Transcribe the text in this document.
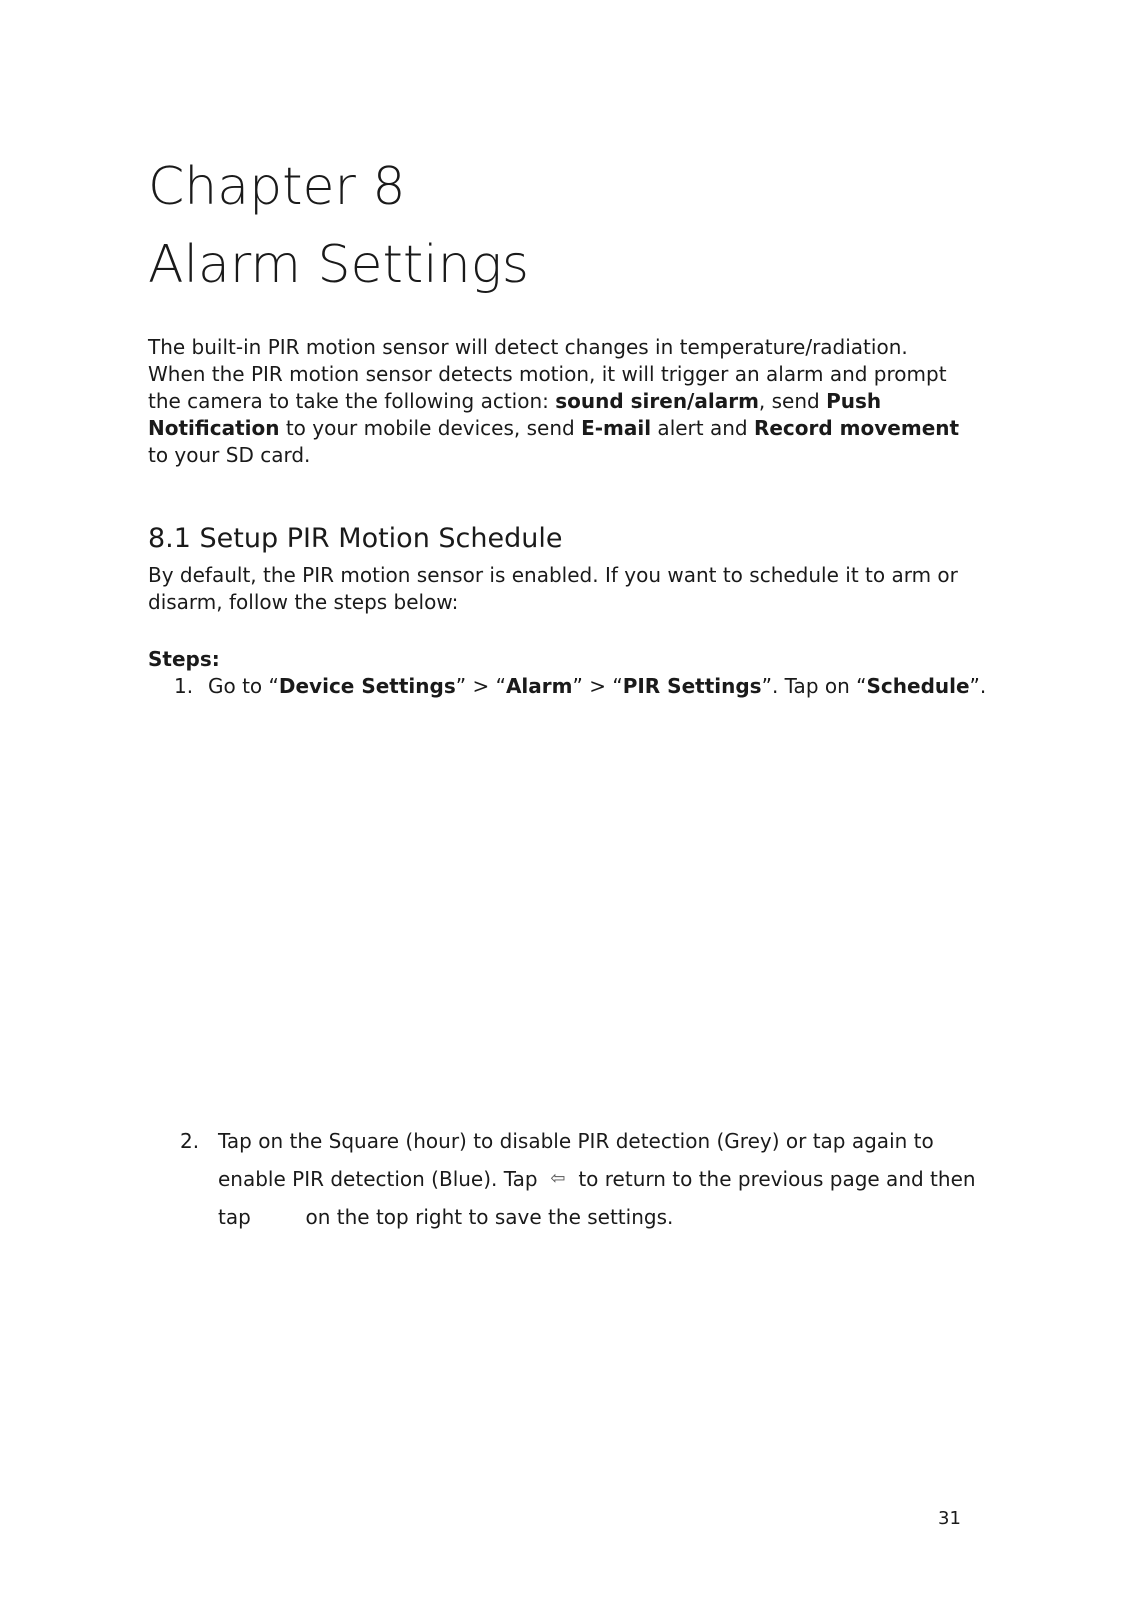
Chapter 8
Alarm Settings

The built-in PIR motion sensor will detect changes in temperature/radiation. When the PIR motion sensor detects motion, it will trigger an alarm and prompt the camera to take the following action: sound siren/alarm, send Push Notification to your mobile devices, send E-mail alert and Record movement to your SD card.

8.1 Setup PIR Motion Schedule

By default, the PIR motion sensor is enabled. If you want to schedule it to arm or disarm, follow the steps below:

Steps:

1. Go to “Device Settings” > “Alarm” > “PIR Settings”. Tap on “Schedule”.

2. Tap on the Square (hour) to disable PIR detection (Grey) or tap again to enable PIR detection (Blue). Tap ⇦ to return to the previous page and then tap  on the top right to save the settings.

31
